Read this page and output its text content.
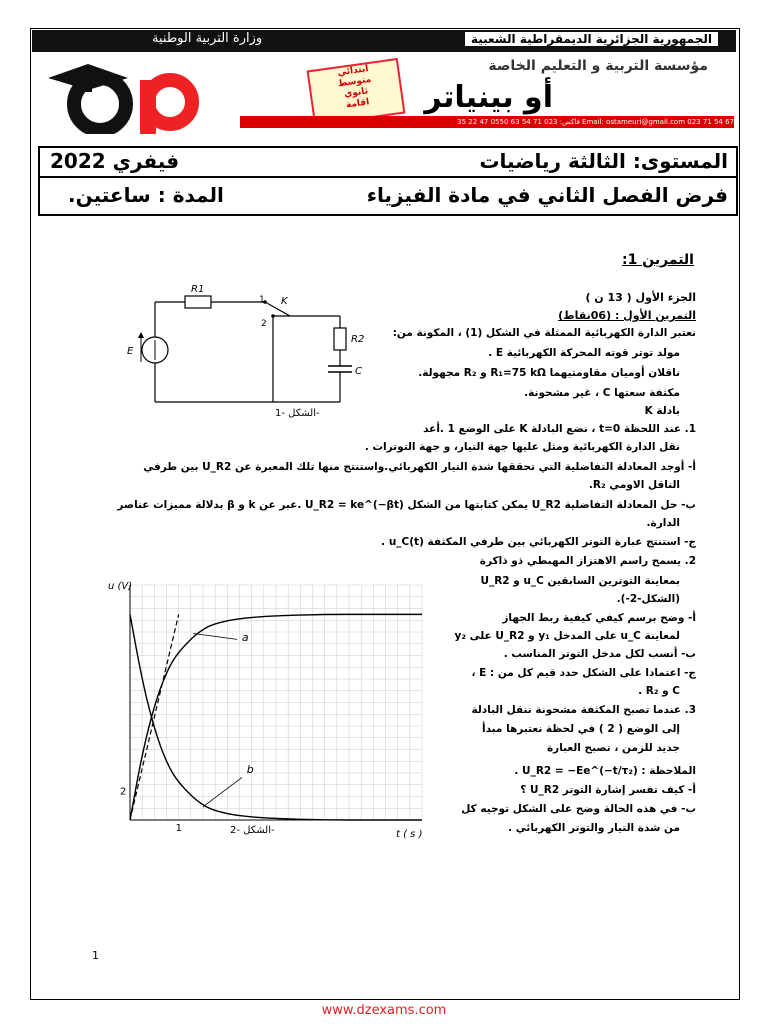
وزارة التربية الوطنية	الجمهورية الجزائرية الديمقراطية الشعبية
ابتدائي
متوسط
ثانوي
اقامة
مؤسسة التربية و التعليم الخاصة
أو بينياتر
Email: ostameuri@gmail.com 023 71 54 67 فاكس: 023 71 54 63 0550 47 22 35
المستوى: الثالثة رياضيات
فيفري 2022
فرض الفصل الثاني في مادة الفيزياء
المدة : ساعتين.
التمرين 1:
الجزء الأول ( 13 ن )
التمرين الأول : (06نقاط)
R1
R2
C
E
K
1
2
الشكل -1-
نعتبر الدارة الكهربائية الممثلة في الشكل (1) ، المكونة من:
مولد توتر قوته المحركة الكهربائية E .
ناقلان أوميان مقاومتيهما R₁=75 kΩ و R₂ مجهولة.
مكثفة سعتها C ، غير مشحونة.
بادلة K
1. عند اللحظة t=0 ، نضع البادلة K على الوضع 1 .أعد
نقل الدارة الكهربائية ومثل عليها جهة التيار، و جهة التوترات .
أ- أوجد المعادلة التفاضلية التي تحققها شدة التيار الكهربائي.واستنتج منها تلك المعبرة عن U_R2 بين طرفي
الناقل الاومي R₂.
ب- حل المعادلة التفاضلية U_R2 يمكن كتابتها من الشكل U_R2 = ke^(−βt) .عبر عن k و β بدلالة مميزات عناصر
الدارة.
ج- استنتج عبارة التوتر الكهربائي بين طرفي المكثفة u_C(t) .
2. يسمح راسم الاهتزاز المهبطي ذو ذاكرة
بمعاينة التوترين السابقين u_C و U_R2
(الشكل-2-).
أ- وضح برسم كيفي كيفية ربط الجهاز
لمعاينة u_C على المدخل y₁ و U_R2 على y₂
ب- أنسب لكل مدخل التوتر المناسب .
ج- اعتمادا على الشكل حدد قيم كل من : E ،
C و R₂ .
3. عندما تصبح المكثفة مشحونة ننقل البادلة
إلى الوضع ( 2 ) في لحظة نعتبرها مبدأ
جديد للزمن ، تصبح العبارة
الملاحظة : U_R2 = −Ee^(−t/τ₂) .
أ- كيف تفسر إشارة التوتر U_R2 ؟
ب- في هذه الحالة وضح على الشكل توجيه كل
من شدة التيار والتوتر الكهربائي .
u (V)
t ( s )
2
1
a
b
الشكل -2-
1
www.dzexams.com
